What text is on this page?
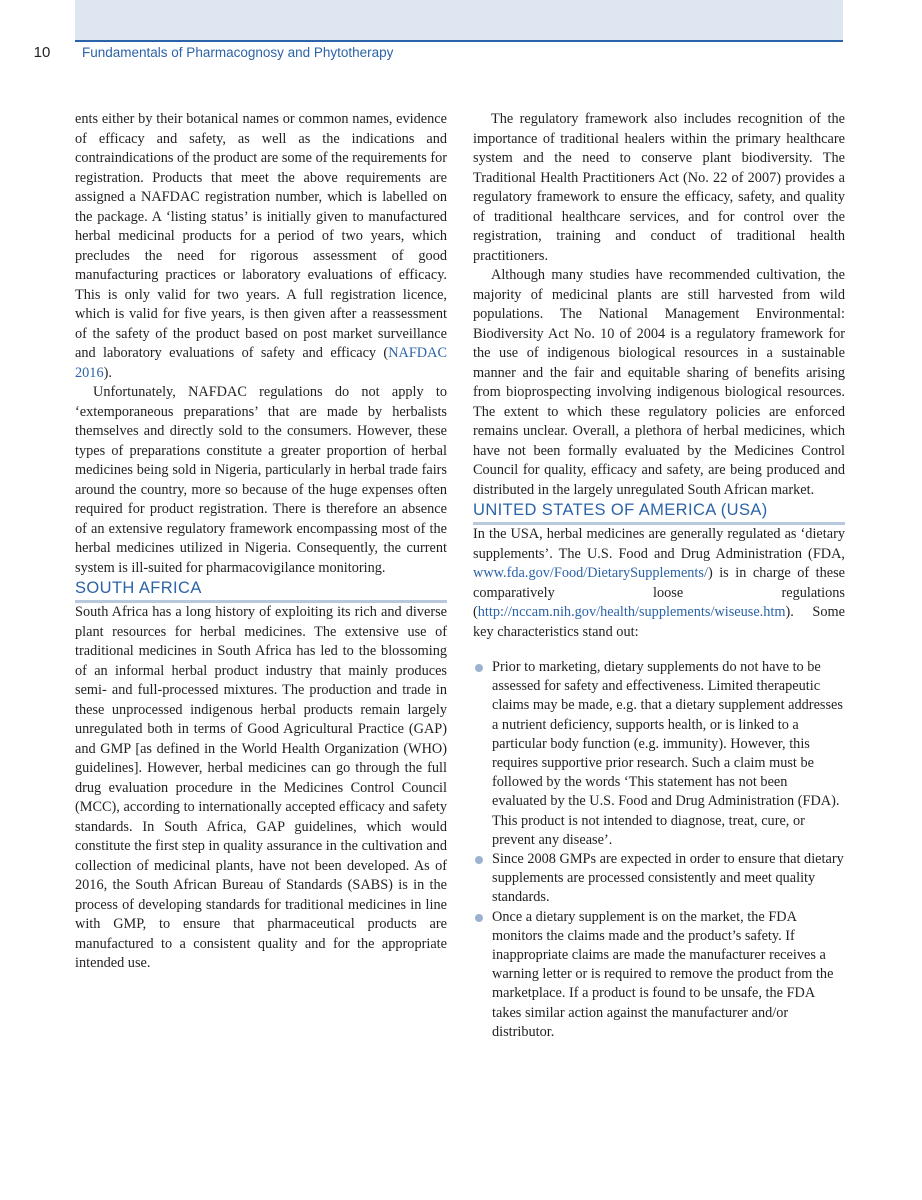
10	Fundamentals of Pharmacognosy and Phytotherapy

ents either by their botanical names or common names, evidence of efficacy and safety, as well as the indications and contraindications of the product are some of the requirements for registration. Products that meet the above requirements are assigned a NAFDAC registration number, which is labelled on the package. A ‘listing status’ is initially given to manufactured herbal medicinal products for a period of two years, which precludes the need for rigorous assessment of good manufacturing practices or laboratory evaluations of efficacy. This is only valid for two years. A full registration licence, which is valid for five years, is then given after a reassessment of the safety of the product based on post market surveillance and laboratory evaluations of safety and efficacy (NAFDAC 2016).

Unfortunately, NAFDAC regulations do not apply to ‘extemporaneous preparations’ that are made by herbalists themselves and directly sold to the consumers. However, these types of preparations constitute a greater proportion of herbal medicines being sold in Nigeria, particularly in herbal trade fairs around the country, more so because of the huge expenses often required for product registration. There is therefore an absence of an extensive regulatory framework encompassing most of the herbal medicines utilized in Nigeria. Consequently, the current system is ill-suited for pharmacovigilance monitoring.

SOUTH AFRICA

South Africa has a long history of exploiting its rich and diverse plant resources for herbal medicines. The extensive use of traditional medicines in South Africa has led to the blossoming of an informal herbal product industry that mainly produces semi- and full-processed mixtures. The production and trade in these unprocessed indigenous herbal products remain largely unregulated both in terms of Good Agricultural Practice (GAP) and GMP [as defined in the World Health Organization (WHO) guidelines]. However, herbal medicines can go through the full drug evaluation procedure in the Medicines Control Council (MCC), according to internationally accepted efficacy and safety standards. In South Africa, GAP guidelines, which would constitute the first step in quality assurance in the cultivation and collection of medicinal plants, have not been developed. As of 2016, the South African Bureau of Standards (SABS) is in the process of developing standards for traditional medicines in line with GMP, to ensure that pharmaceutical products are manufactured to a consistent quality and for the appropriate intended use.

The regulatory framework also includes recognition of the importance of traditional healers within the primary healthcare system and the need to conserve plant biodiversity. The Traditional Health Practitioners Act (No. 22 of 2007) provides a regulatory framework to ensure the efficacy, safety, and quality of traditional healthcare services, and for control over the registration, training and conduct of traditional health practitioners.

Although many studies have recommended cultivation, the majority of medicinal plants are still harvested from wild populations. The National Management Environmental: Biodiversity Act No. 10 of 2004 is a regulatory framework for the use of indigenous biological resources in a sustainable manner and the fair and equitable sharing of benefits arising from bioprospecting involving indigenous biological resources. The extent to which these regulatory policies are enforced remains unclear. Overall, a plethora of herbal medicines, which have not been formally evaluated by the Medicines Control Council for quality, efficacy and safety, are being produced and distributed in the largely unregulated South African market.

UNITED STATES OF AMERICA (USA)

In the USA, herbal medicines are generally regulated as ‘dietary supplements’. The U.S. Food and Drug Administration (FDA, www.fda.gov/Food/DietarySupplements/) is in charge of these comparatively loose regulations (http://nccam.nih.gov/health/supplements/wiseuse.htm). Some key characteristics stand out:

Prior to marketing, dietary supplements do not have to be assessed for safety and effectiveness. Limited therapeutic claims may be made, e.g. that a dietary supplement addresses a nutrient deficiency, supports health, or is linked to a particular body function (e.g. immunity). However, this requires supportive prior research. Such a claim must be followed by the words ‘This statement has not been evaluated by the U.S. Food and Drug Administration (FDA). This product is not intended to diagnose, treat, cure, or prevent any disease’.
Since 2008 GMPs are expected in order to ensure that dietary supplements are processed consistently and meet quality standards.
Once a dietary supplement is on the market, the FDA monitors the claims made and the product’s safety. If inappropriate claims are made the manufacturer receives a warning letter or is required to remove the product from the marketplace. If a product is found to be unsafe, the FDA takes similar action against the manufacturer and/or distributor.
